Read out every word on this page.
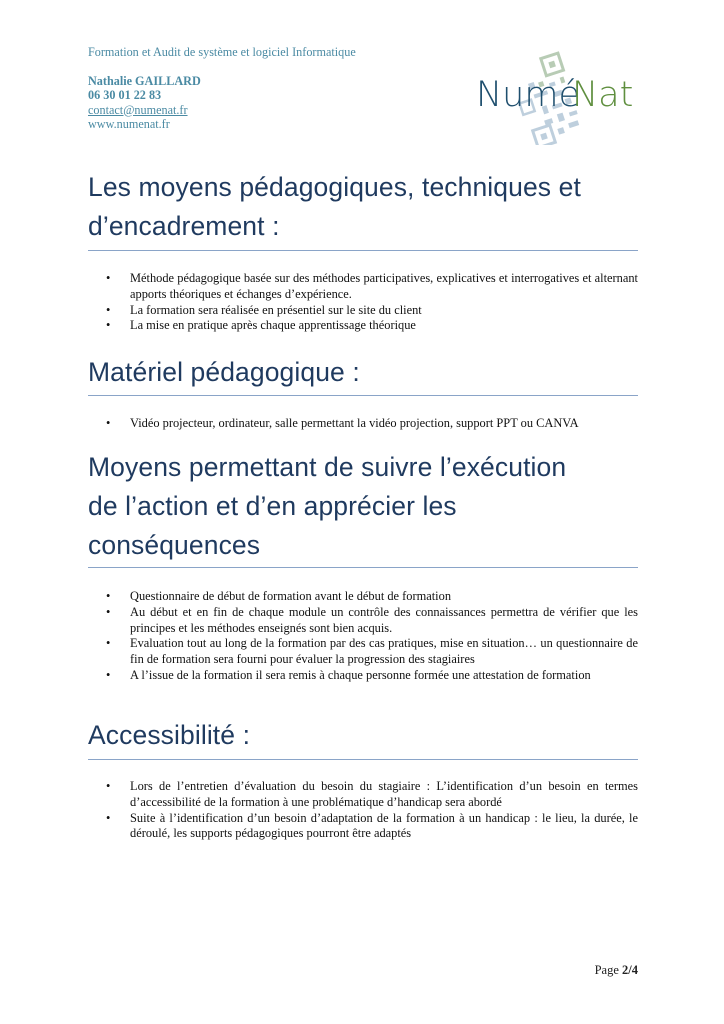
Formation et Audit de système et logiciel Informatique
Nathalie GAILLARD
06 30 01 22 83
contact@numenat.fr
www.numenat.fr
Numé
Nat
Les moyens pédagogiques, techniques et
d’encadrement :
• Méthode pédagogique basée sur des méthodes participatives, explicatives et interrogatives et alternant apports théoriques et échanges d’expérience.
• La formation sera réalisée en présentiel sur le site du client
• La mise en pratique après chaque apprentissage théorique
Matériel pédagogique :
• Vidéo projecteur, ordinateur, salle permettant la vidéo projection, support PPT ou CANVA
Moyens permettant de suivre l’exécution
de l’action et d’en apprécier les
conséquences
• Questionnaire de début de formation avant le début de formation
• Au début et en fin de chaque module un contrôle des connaissances permettra de vérifier que les principes et les méthodes enseignés sont bien acquis.
• Evaluation tout au long de la formation par des cas pratiques, mise en situation… un questionnaire de fin de formation sera fourni pour évaluer la progression des stagiaires
• A l’issue de la formation il sera remis à chaque personne formée une attestation de formation
Accessibilité :
• Lors de l’entretien d’évaluation du besoin du stagiaire : L’identification d’un besoin en termes d’accessibilité de la formation à une problématique d’handicap sera abordé
• Suite à l’identification d’un besoin d’adaptation de la formation à un handicap : le lieu, la durée, le déroulé, les supports pédagogiques pourront être adaptés
Page 2/4
